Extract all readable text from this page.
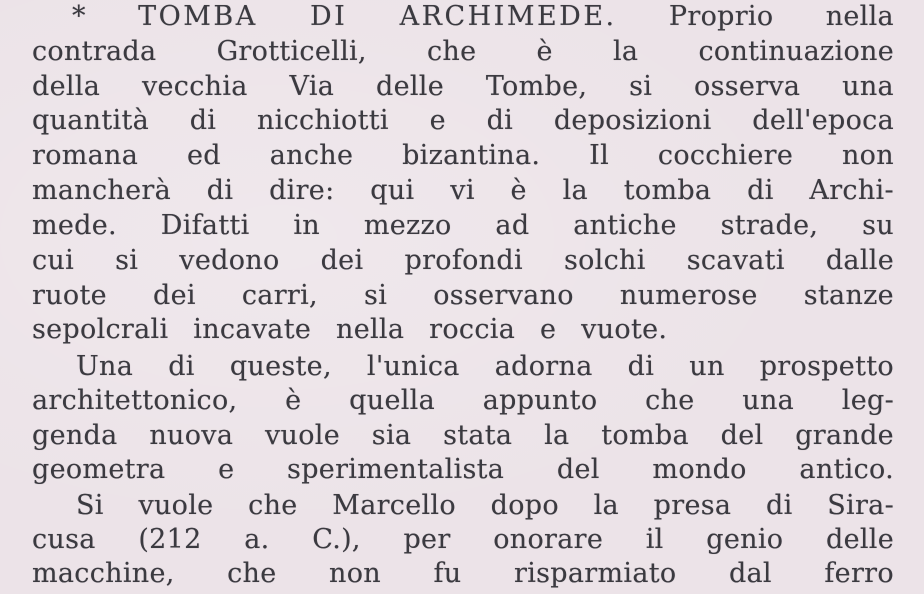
* TOMBA DI ARCHIMEDE. Proprio nella
contrada Grotticelli, che è la continuazione
della vecchia Via delle Tombe, si osserva una
quantità di nicchiotti e di deposizioni dell'epoca
romana ed anche bizantina. Il cocchiere non
mancherà di dire: qui vi è la tomba di Archi-
mede. Difatti in mezzo ad antiche strade, su
cui si vedono dei profondi solchi scavati dalle
ruote dei carri, si osservano numerose stanze
sepolcrali incavate nella roccia e vuote.
Una di queste, l'unica adorna di un prospetto
architettonico, è quella appunto che una leg-
genda nuova vuole sia stata la tomba del grande
geometra e sperimentalista del mondo antico.
Si vuole che Marcello dopo la presa di Sira-
cusa (212 a. C.), per onorare il genio delle
macchine, che non fu risparmiato dal ferro
